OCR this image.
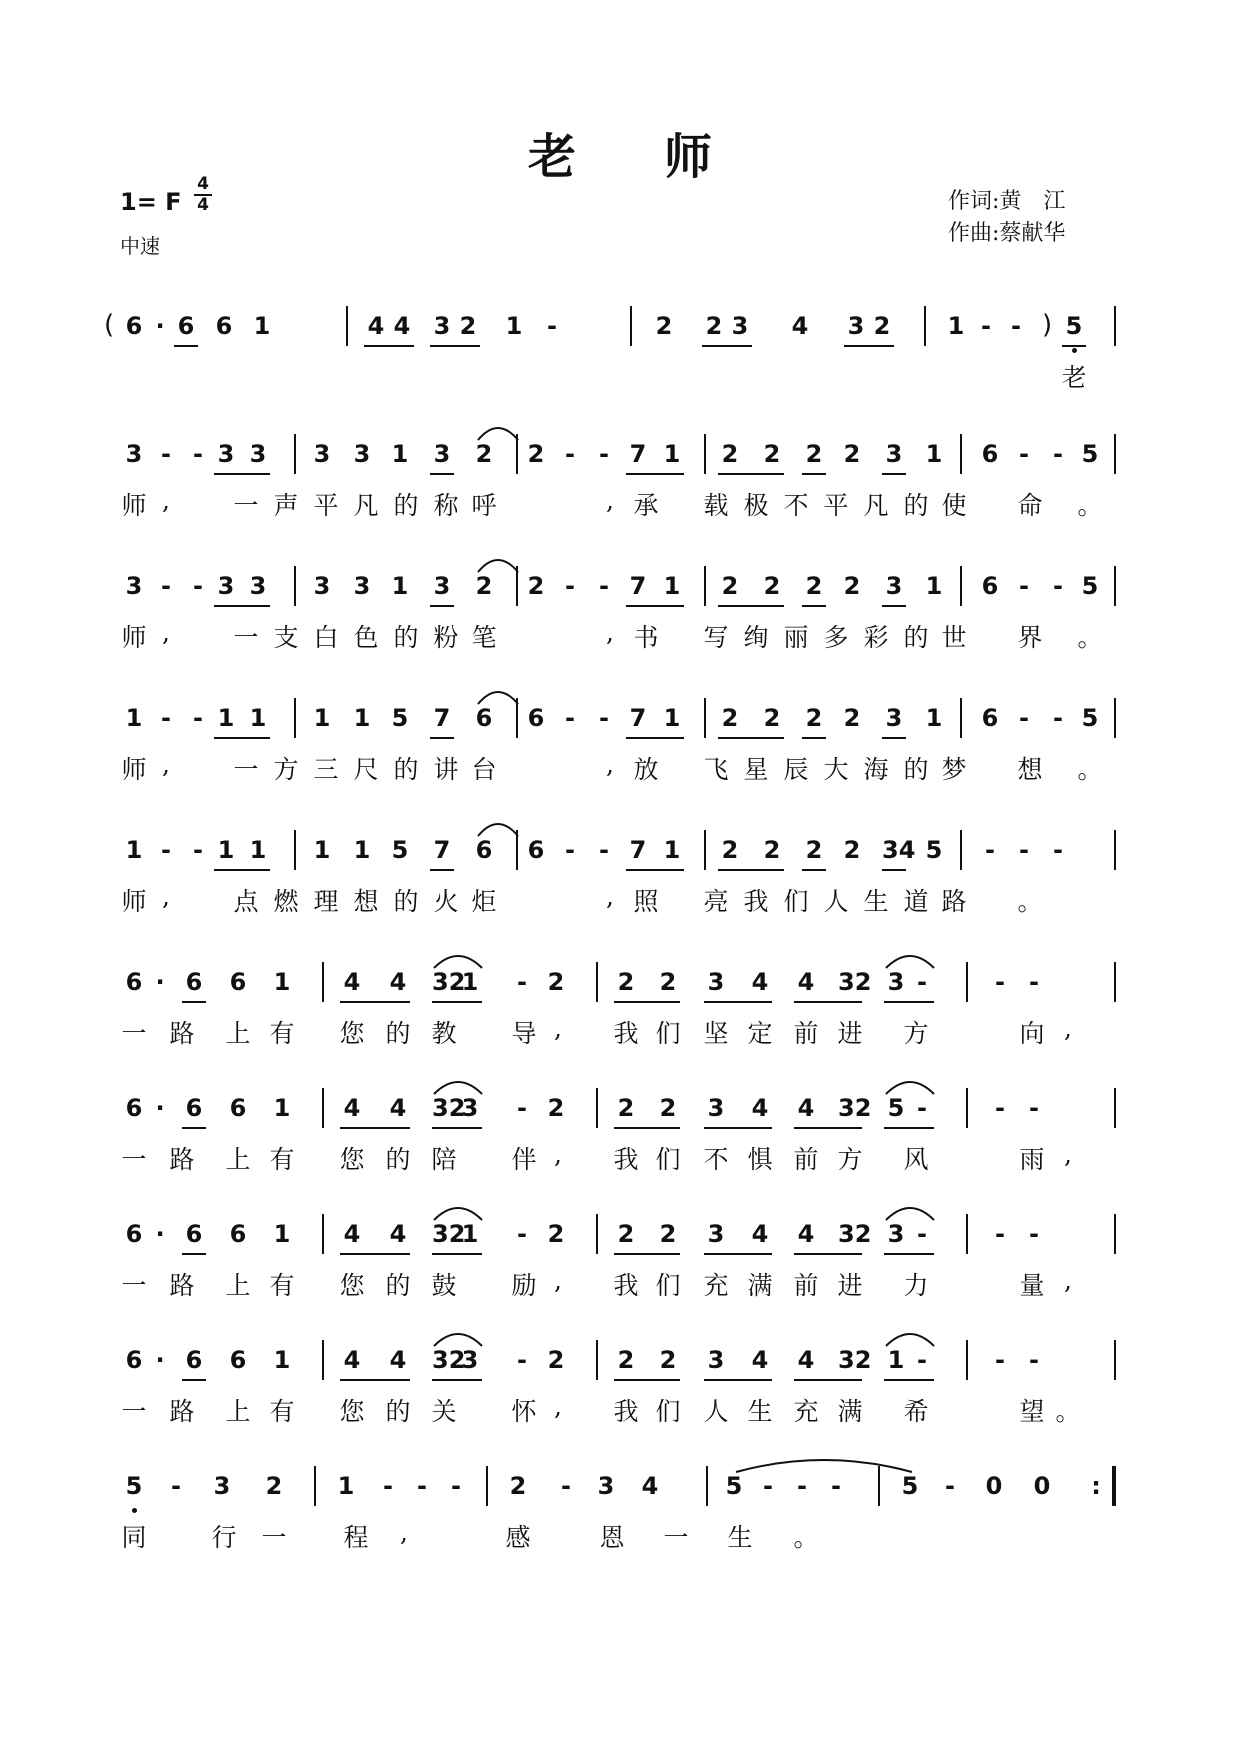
老 师
1= F
4
4
中速
作词:黄　江
作曲:蔡献华
(	)
6 · 6 6 1	4 4 3 2 1 -	2 2 3 4 3 2 1 - - 5
老
3 - - 3 3 3 3 1 3 2 2 - - 7 1 2 2 2 2 3 1 6 - - 5
师 ,	一 声 平 凡 的 称 呼	, 承 载 极 不 平 凡 的 使 命 。
3 - - 3 3 3 3 1 3 2 2 - - 7 1 2 2 2 2 3 1 6 - - 5
师 ,	一 支 白 色 的 粉 笔	, 书 写 绚 丽 多 彩 的 世 界 。
1 - - 1 1 1 1 5 7 6 6 - - 7 1 2 2 2 2 3 1 6 - - 5
师 ,	一 方 三 尺 的 讲 台	, 放 飞 星 辰 大 海 的 梦 想 。
1 - - 1 1 1 1 5 7 6 6 - - 7 1 2 2 2 2 34 5 - - -
师 ,	点 燃 理 想 的 火 炬	, 照 亮 我 们 人 生 道 路 。
6 6 6 1 4 4 32
1 - 2 2 2 3 4 4 32 3 -	- -
·
一 路 上 有 您 的 教 导 ,	我 们 坚 定 前 进 方	向 ,
6 6 6 1 4 4 32
3 - 2 2 2 3 4 4 32 5 -	- -
·
一 路 上 有 您 的 陪 伴 ,	我 们 不 惧 前 方 风	雨 ,
6 6 6 1 4 4 32
1 - 2 2 2 3 4 4 32 3 -	- -
·
一 路 上 有 您 的 鼓 励 ,	我 们 充 满 前 进 力	量 ,
6 6 6 1 4 4 32
3 - 2 2 2 3 4 4 32 1 -	- -
·
一 路 上 有 您 的 关 怀 ,	我 们 人 生 充 满 希	望 。
5 - 3 2 1 - - - 2 - 3 4	5 - - -	5 - 0 0 :
同	行 一 程	,	感	恩 一 生 。
